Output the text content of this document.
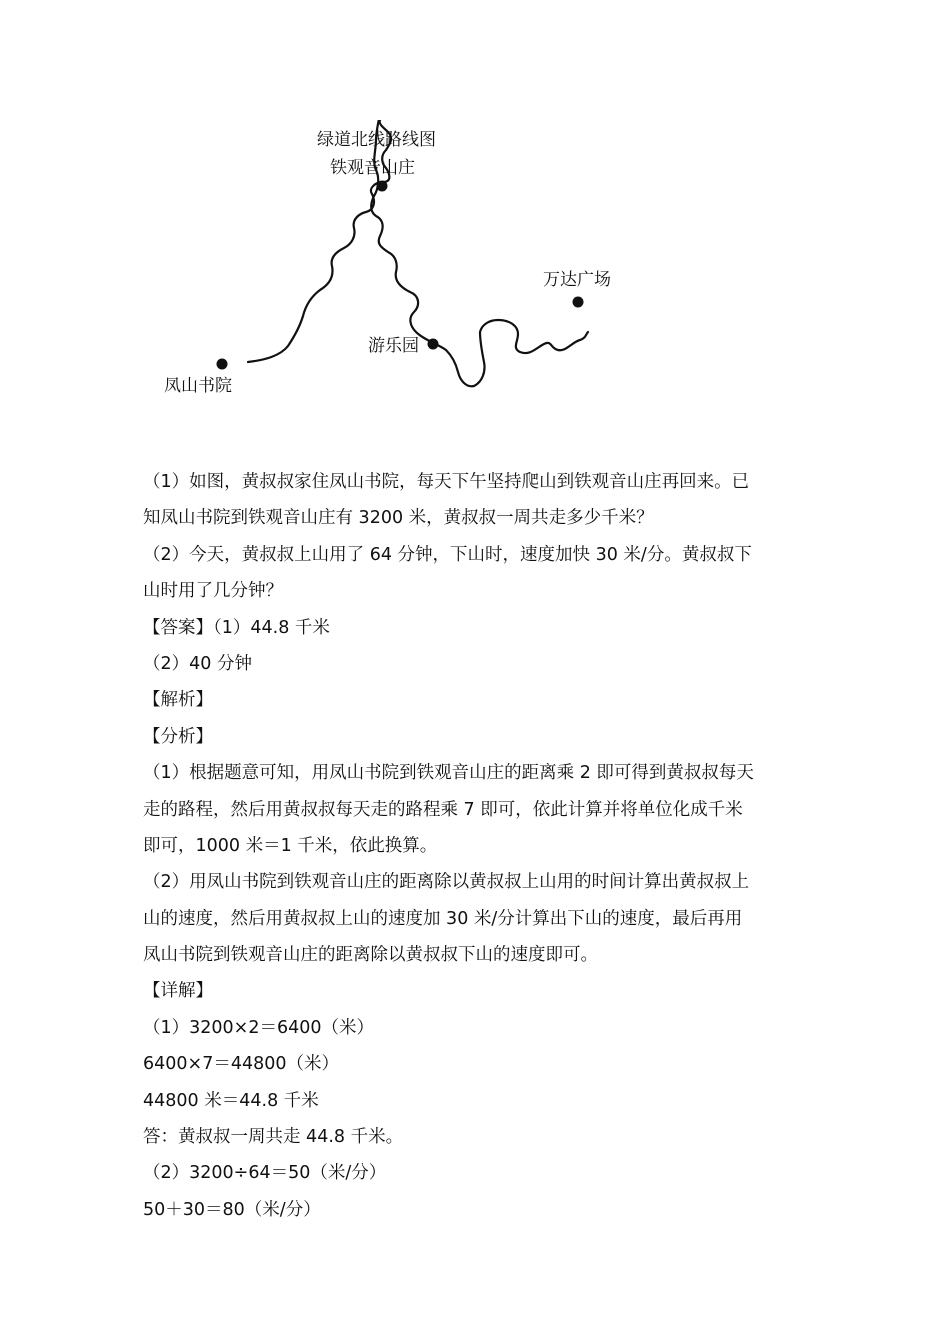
绿道北线路线图
铁观音山庄
万达广场
游乐园
凤山书院
（1）如图，黄叔叔家住凤山书院，每天下午坚持爬山到铁观音山庄再回来。已
知凤山书院到铁观音山庄有 3200 米，黄叔叔一周共走多少千米？
（2）今天，黄叔叔上山用了 64 分钟，下山时，速度加快 30 米/分。黄叔叔下
山时用了几分钟？
【答案】（1）44.8 千米
（2）40 分钟
【解析】
【分析】
（1）根据题意可知，用凤山书院到铁观音山庄的距离乘 2 即可得到黄叔叔每天
走的路程，然后用黄叔叔每天走的路程乘 7 即可，依此计算并将单位化成千米
即可，1000 米＝1 千米，依此换算。
（2）用凤山书院到铁观音山庄的距离除以黄叔叔上山用的时间计算出黄叔叔上
山的速度，然后用黄叔叔上山的速度加 30 米/分计算出下山的速度，最后再用
凤山书院到铁观音山庄的距离除以黄叔叔下山的速度即可。
【详解】
（1）3200×2＝6400（米）
6400×7＝44800（米）
44800 米＝44.8 千米
答：黄叔叔一周共走 44.8 千米。
（2）3200÷64＝50（米/分）
50＋30＝80（米/分）
